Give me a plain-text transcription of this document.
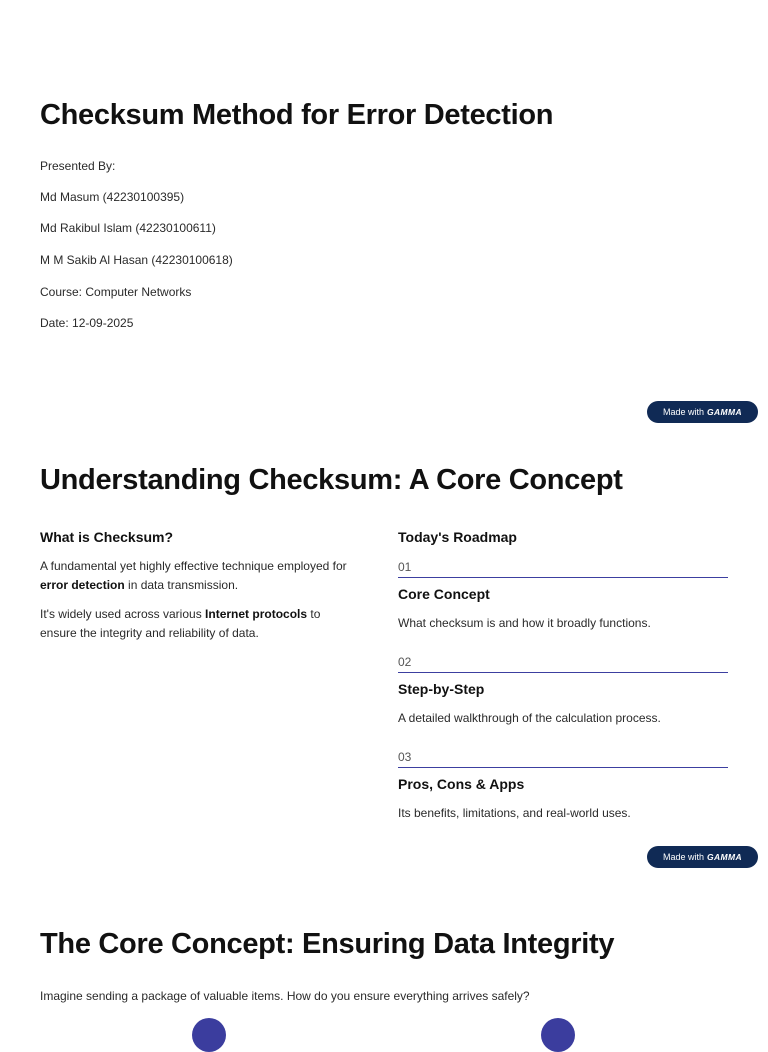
Checksum Method for Error Detection

Presented By:

Md Masum (42230100395)

Md Rakibul Islam (42230100611)

M M Sakib Al Hasan (42230100618)

Course: Computer Networks

Date: 12-09-2025

Made with GAMMA
Understanding Checksum: A Core Concept
What is Checksum?

A fundamental yet highly effective technique employed for error detection in data transmission.

It's widely used across various Internet protocols to ensure the integrity and reliability of data.

Today's Roadmap
01
Core Concept
What checksum is and how it broadly functions.
02
Step-by-Step
A detailed walkthrough of the calculation process.
03
Pros, Cons & Apps
Its benefits, limitations, and real-world uses.
Made with GAMMA
The Core Concept: Ensuring Data Integrity

Imagine sending a package of valuable items. How do you ensure everything arrives safely?
